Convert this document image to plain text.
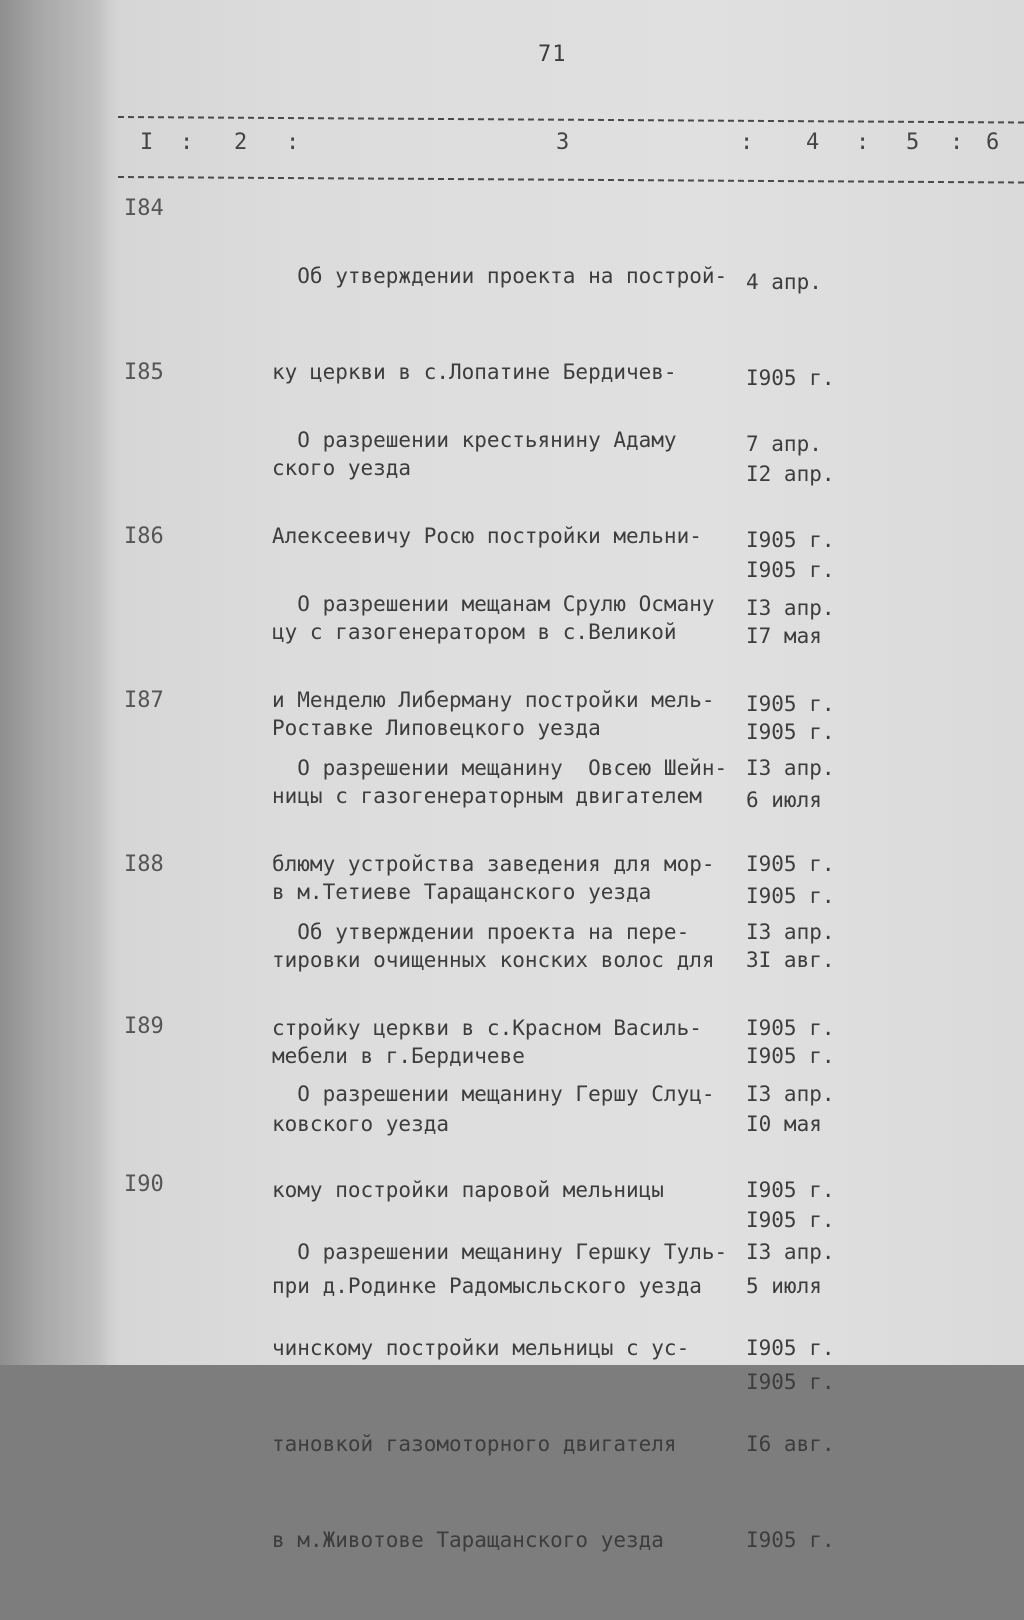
71
I : 2 :	3	: 4 : 5 : 6
I84

Об утверждении проекта на построй-

ку церкви в с.Лопатине Бердичев-

ского уезда

4 апр.

I905 г.

I2 апр.

I905 г.

I85

О разрешении крестьянину Адаму

Алексеевичу Росю постройки мельни-

цу с газогенератором в с.Великой

Роставке Липовецкого уезда

7 апр.

I905 г.

I7 мая

I905 г.

I86

О разрешении мещанам Срулю Осману

и Менделю Либерману постройки мель-

ницы с газогенераторным двигателем

в м.Тетиеве Таращанского уезда

I3 апр.

I905 г.

6 июля

I905 г.

I87

О разрешении мещанину  Овсею Шейн-

блюму устройства заведения для мор-

тировки очищенных конских волос для

мебели в г.Бердичеве

I3 апр.

I905 г.

3I авг.

I905 г.

I88

Об утверждении проекта на пере-

стройку церкви в с.Красном Василь-

ковского уезда

I3 апр.

I905 г.

I0 мая

I905 г.

I89

О разрешении мещанину Гершу Слуц-

кому постройки паровой мельницы

при д.Родинке Радомысльского уезда

I3 апр.

I905 г.

5 июля

I905 г.

I90

О разрешении мещанину Гершку Туль-

чинскому постройки мельницы с ус-

тановкой газомоторного двигателя

в м.Животове Таращанского уезда

I3 апр.

I905 г.

I6 авг.

I905 г.
